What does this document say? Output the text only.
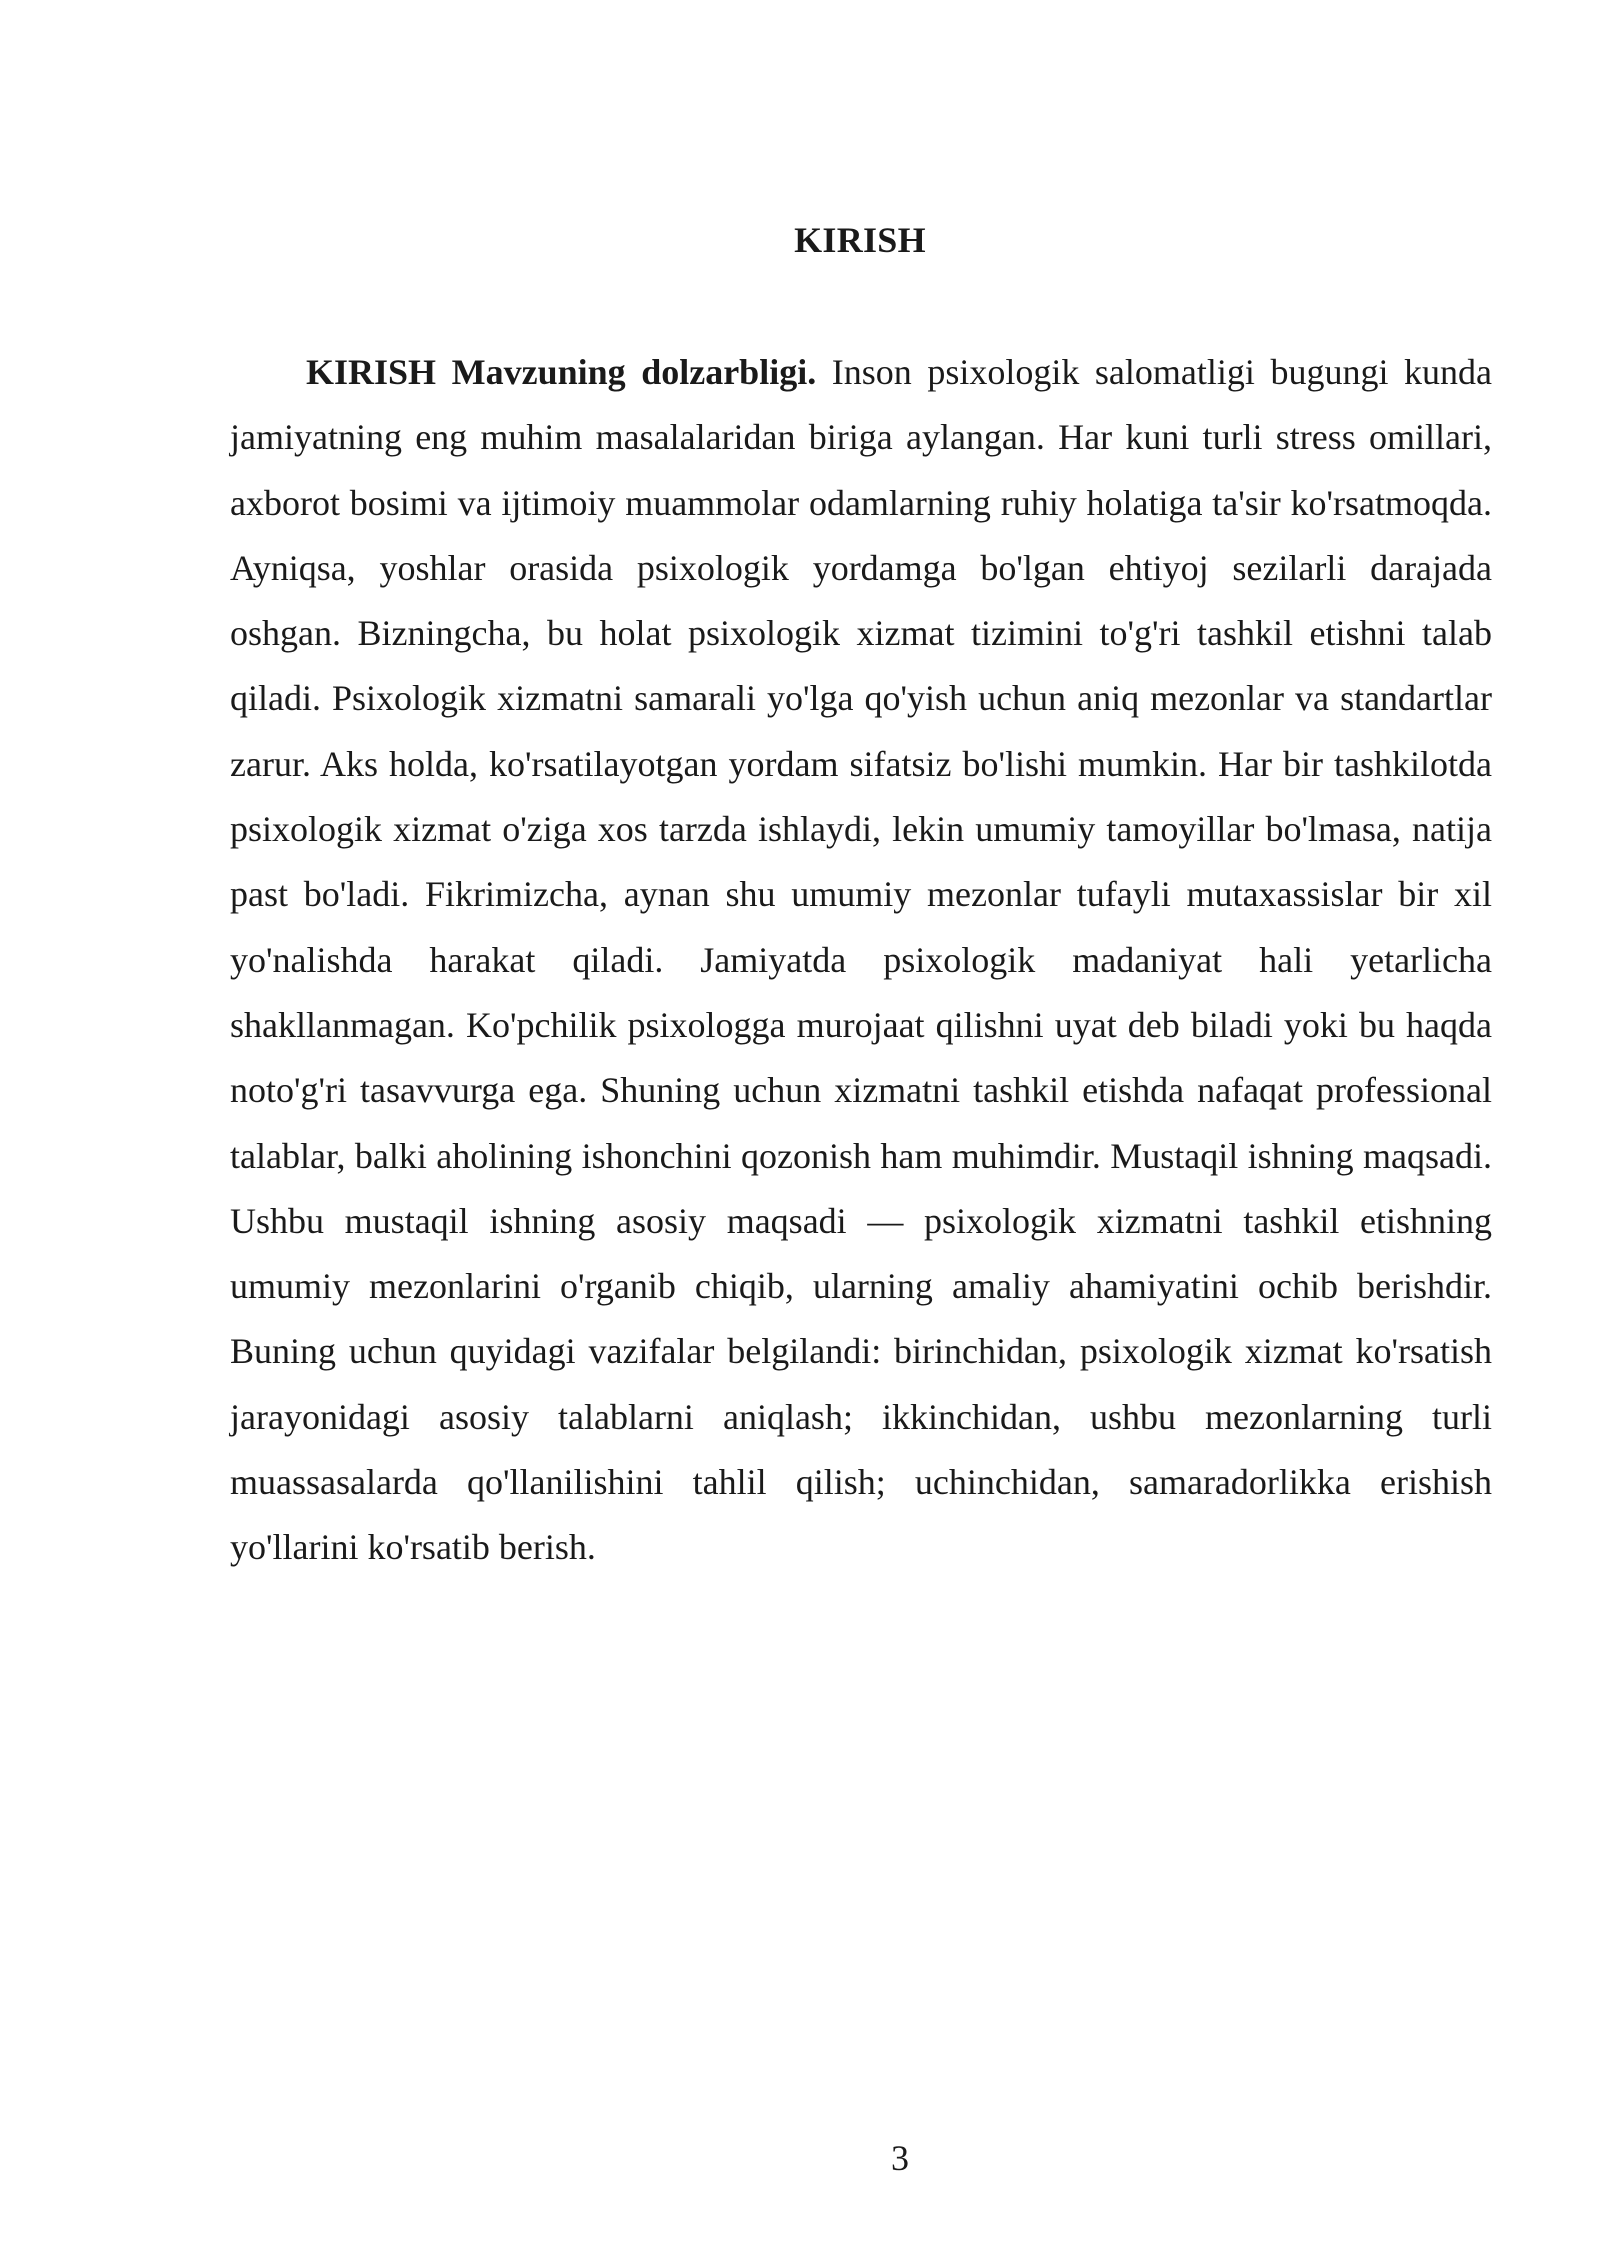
KIRISH

KIRISH Mavzuning dolzarbligi. Inson psixologik salomatligi bugungi kunda jamiyatning eng muhim masalalaridan biriga aylangan. Har kuni turli stress omillari, axborot bosimi va ijtimoiy muammolar odamlarning ruhiy holatiga ta'sir ko'rsatmoqda. Ayniqsa, yoshlar orasida psixologik yordamga bo'lgan ehtiyoj sezilarli darajada oshgan. Bizningcha, bu holat psixologik xizmat tizimini to'g'ri tashkil etishni talab qiladi. Psixologik xizmatni samarali yo'lga qo'yish uchun aniq mezonlar va standartlar zarur. Aks holda, ko'rsatilayotgan yordam sifatsiz bo'lishi mumkin. Har bir tashkilotda psixologik xizmat o'ziga xos tarzda ishlaydi, lekin umumiy tamoyillar bo'lmasa, natija past bo'ladi. Fikrimizcha, aynan shu umumiy mezonlar tufayli mutaxassislar bir xil yo'nalishda harakat qiladi. Jamiyatda psixologik madaniyat hali yetarlicha shakllanmagan. Ko'pchilik psixologga murojaat qilishni uyat deb biladi yoki bu haqda noto'g'ri tasavvurga ega. Shuning uchun xizmatni tashkil etishda nafaqat professional talablar, balki aholining ishonchini qozonish ham muhimdir. Mustaqil ishning maqsadi. Ushbu mustaqil ishning asosiy maqsadi — psixologik xizmatni tashkil etishning umumiy mezonlarini o'rganib chiqib, ularning amaliy ahamiyatini ochib berishdir. Buning uchun quyidagi vazifalar belgilandi: birinchidan, psixologik xizmat ko'rsatish jarayonidagi asosiy talablarni aniqlash; ikkinchidan, ushbu mezonlarning turli muassasalarda qo'llanilishini tahlil qilish; uchinchidan, samaradorlikka erishish yo'llarini ko'rsatib berish.

3
